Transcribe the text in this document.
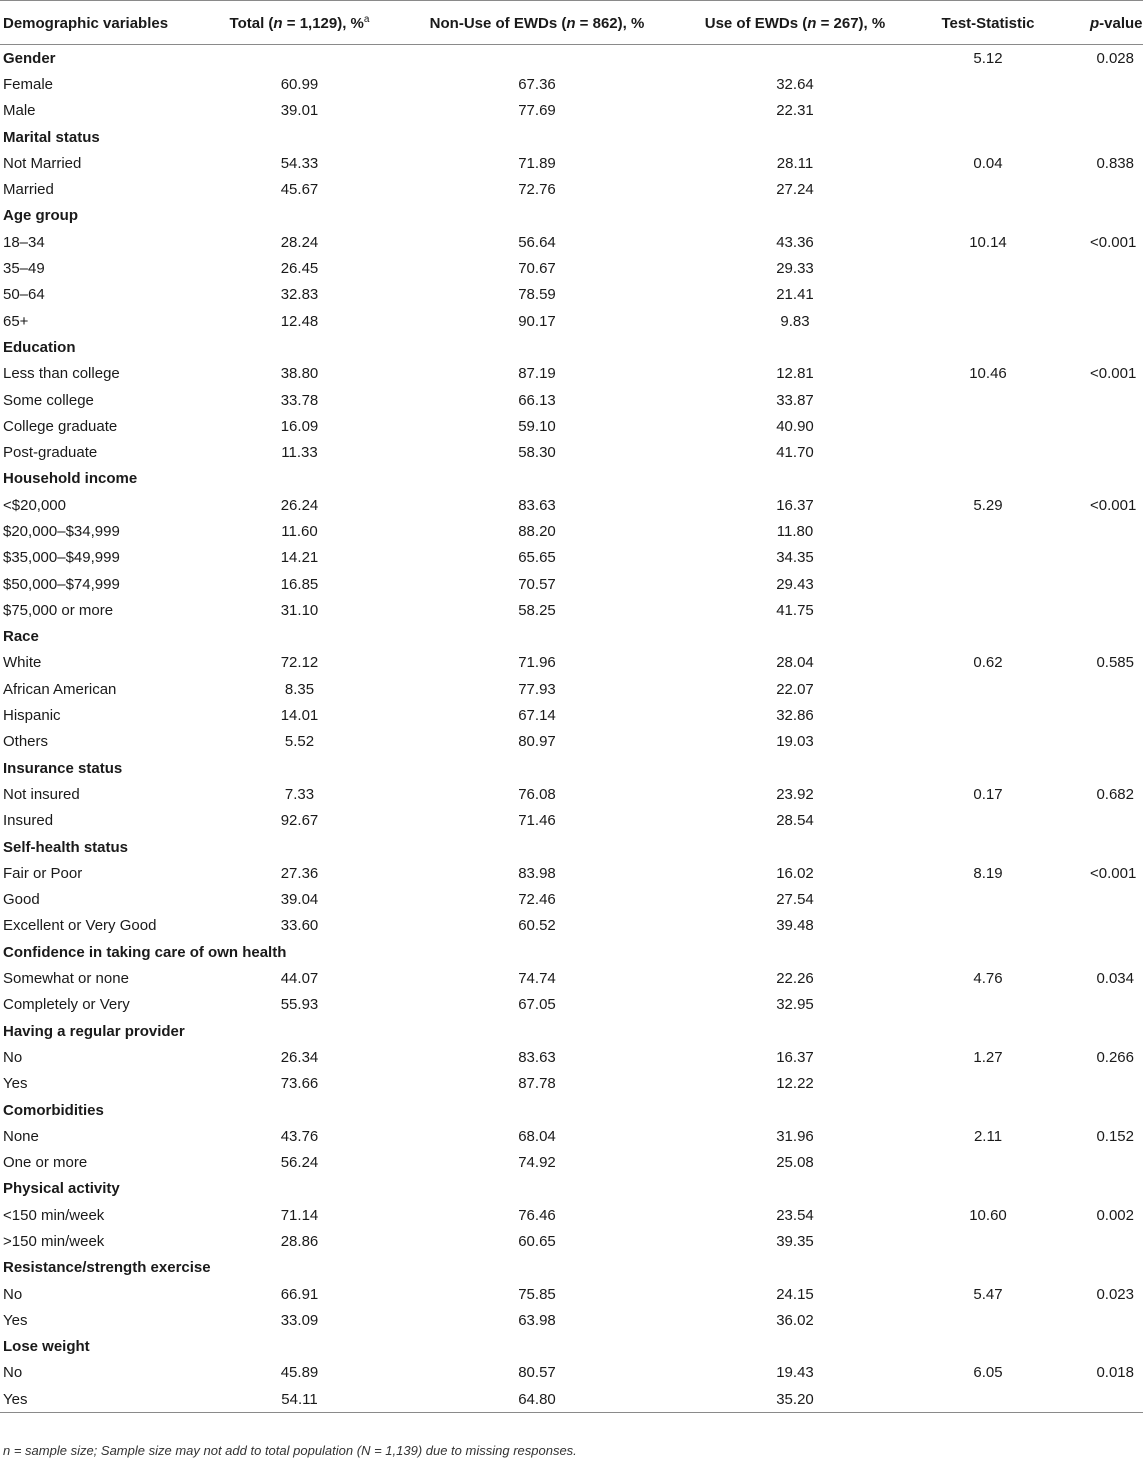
Demographic variables	Total (n = 1,129), %$^a$	Non-Use of EWDs (n = 862), %	Use of EWDs (n = 267), %	Test-Statistic	p-value
Gender				5.12	0.028
Female	60.99	67.36	32.64		
Male	39.01	77.69	22.31		
Marital status					
Not Married	54.33	71.89	28.11	0.04	0.838
Married	45.67	72.76	27.24		
Age group					
18–34	28.24	56.64	43.36	10.14	<0.001
35–49	26.45	70.67	29.33		
50–64	32.83	78.59	21.41		
65+	12.48	90.17	9.83		
Education					
Less than college	38.80	87.19	12.81	10.46	<0.001
Some college	33.78	66.13	33.87		
College graduate	16.09	59.10	40.90		
Post-graduate	11.33	58.30	41.70		
Household income					
<$20,000	26.24	83.63	16.37	5.29	<0.001
$20,000–$34,999	11.60	88.20	11.80		
$35,000–$49,999	14.21	65.65	34.35		
$50,000–$74,999	16.85	70.57	29.43		
$75,000 or more	31.10	58.25	41.75		
Race					
White	72.12	71.96	28.04	0.62	0.585
African American	8.35	77.93	22.07		
Hispanic	14.01	67.14	32.86		
Others	5.52	80.97	19.03		
Insurance status					
Not insured	7.33	76.08	23.92	0.17	0.682
Insured	92.67	71.46	28.54		
Self-health status					
Fair or Poor	27.36	83.98	16.02	8.19	<0.001
Good	39.04	72.46	27.54		
Excellent or Very Good	33.60	60.52	39.48		
Confidence in taking care of own health					
Somewhat or none	44.07	74.74	22.26	4.76	0.034
Completely or Very	55.93	67.05	32.95		
Having a regular provider					
No	26.34	83.63	16.37	1.27	0.266
Yes	73.66	87.78	12.22		
Comorbidities					
None	43.76	68.04	31.96	2.11	0.152
One or more	56.24	74.92	25.08		
Physical activity					
<150 min/week	71.14	76.46	23.54	10.60	0.002
>150 min/week	28.86	60.65	39.35		
Resistance/strength exercise					
No	66.91	75.85	24.15	5.47	0.023
Yes	33.09	63.98	36.02		
Lose weight					
No	45.89	80.57	19.43	6.05	0.018
Yes	54.11	64.80	35.20		
n = sample size; Sample size may not add to total population (N = 1,139) due to missing responses.
